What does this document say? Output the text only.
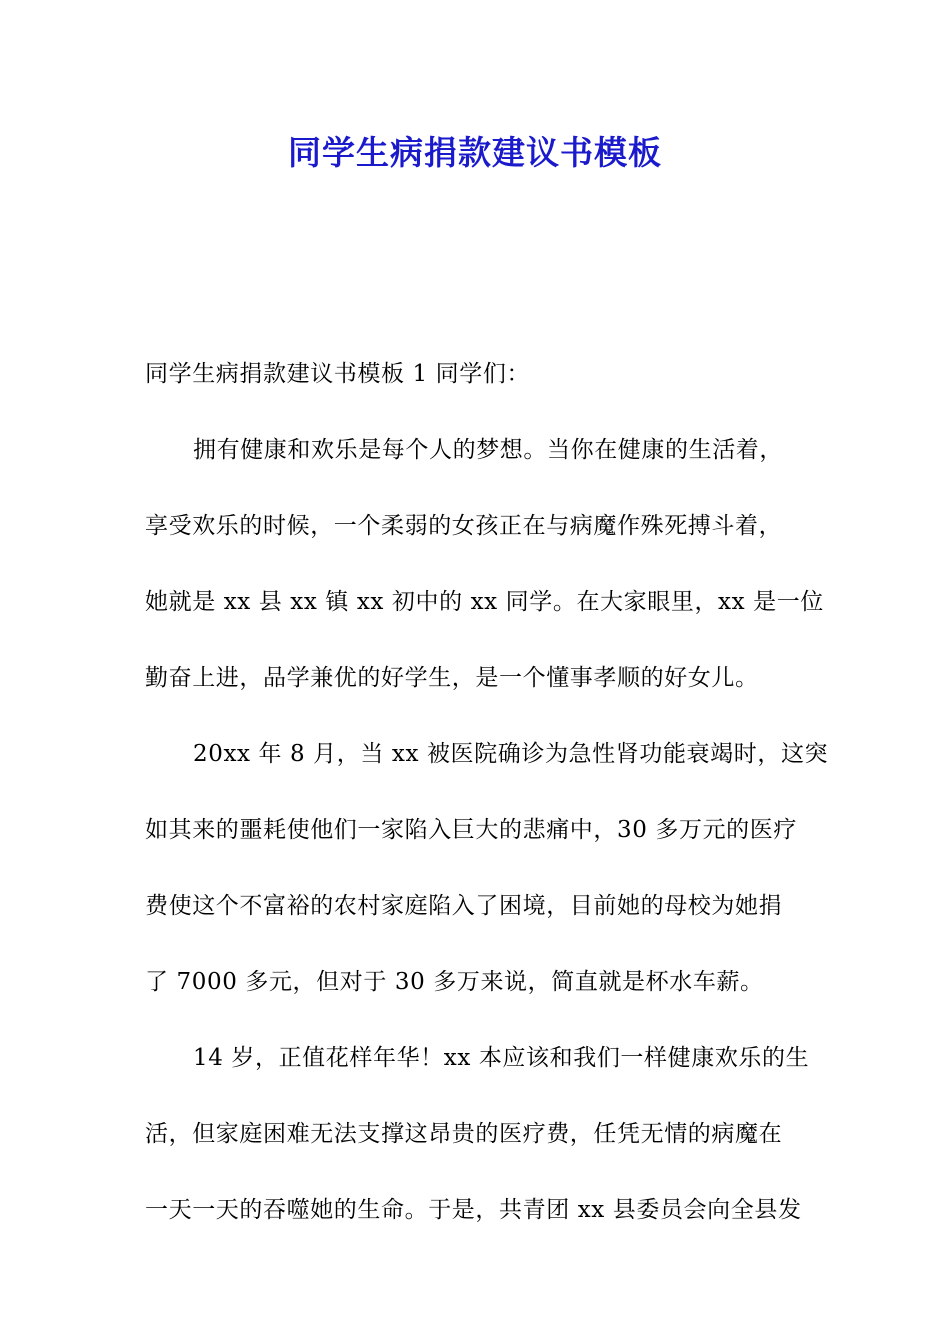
同学生病捐款建议书模板
同学生病捐款建议书模板 1 同学们：
拥有健康和欢乐是每个人的梦想。当你在健康的生活着，
享受欢乐的时候，一个柔弱的女孩正在与病魔作殊死搏斗着，
她就是 xx 县 xx 镇 xx 初中的 xx 同学。在大家眼里，xx 是一位
勤奋上进，品学兼优的好学生，是一个懂事孝顺的好女儿。
20xx 年 8 月，当 xx 被医院确诊为急性肾功能衰竭时，这突
如其来的噩耗使他们一家陷入巨大的悲痛中，30 多万元的医疗
费使这个不富裕的农村家庭陷入了困境，目前她的母校为她捐
了 7000 多元，但对于 30 多万来说，简直就是杯水车薪。
14 岁，正值花样年华！xx 本应该和我们一样健康欢乐的生
活，但家庭困难无法支撑这昂贵的医疗费，任凭无情的病魔在
一天一天的吞噬她的生命。于是，共青团 xx 县委员会向全县发
